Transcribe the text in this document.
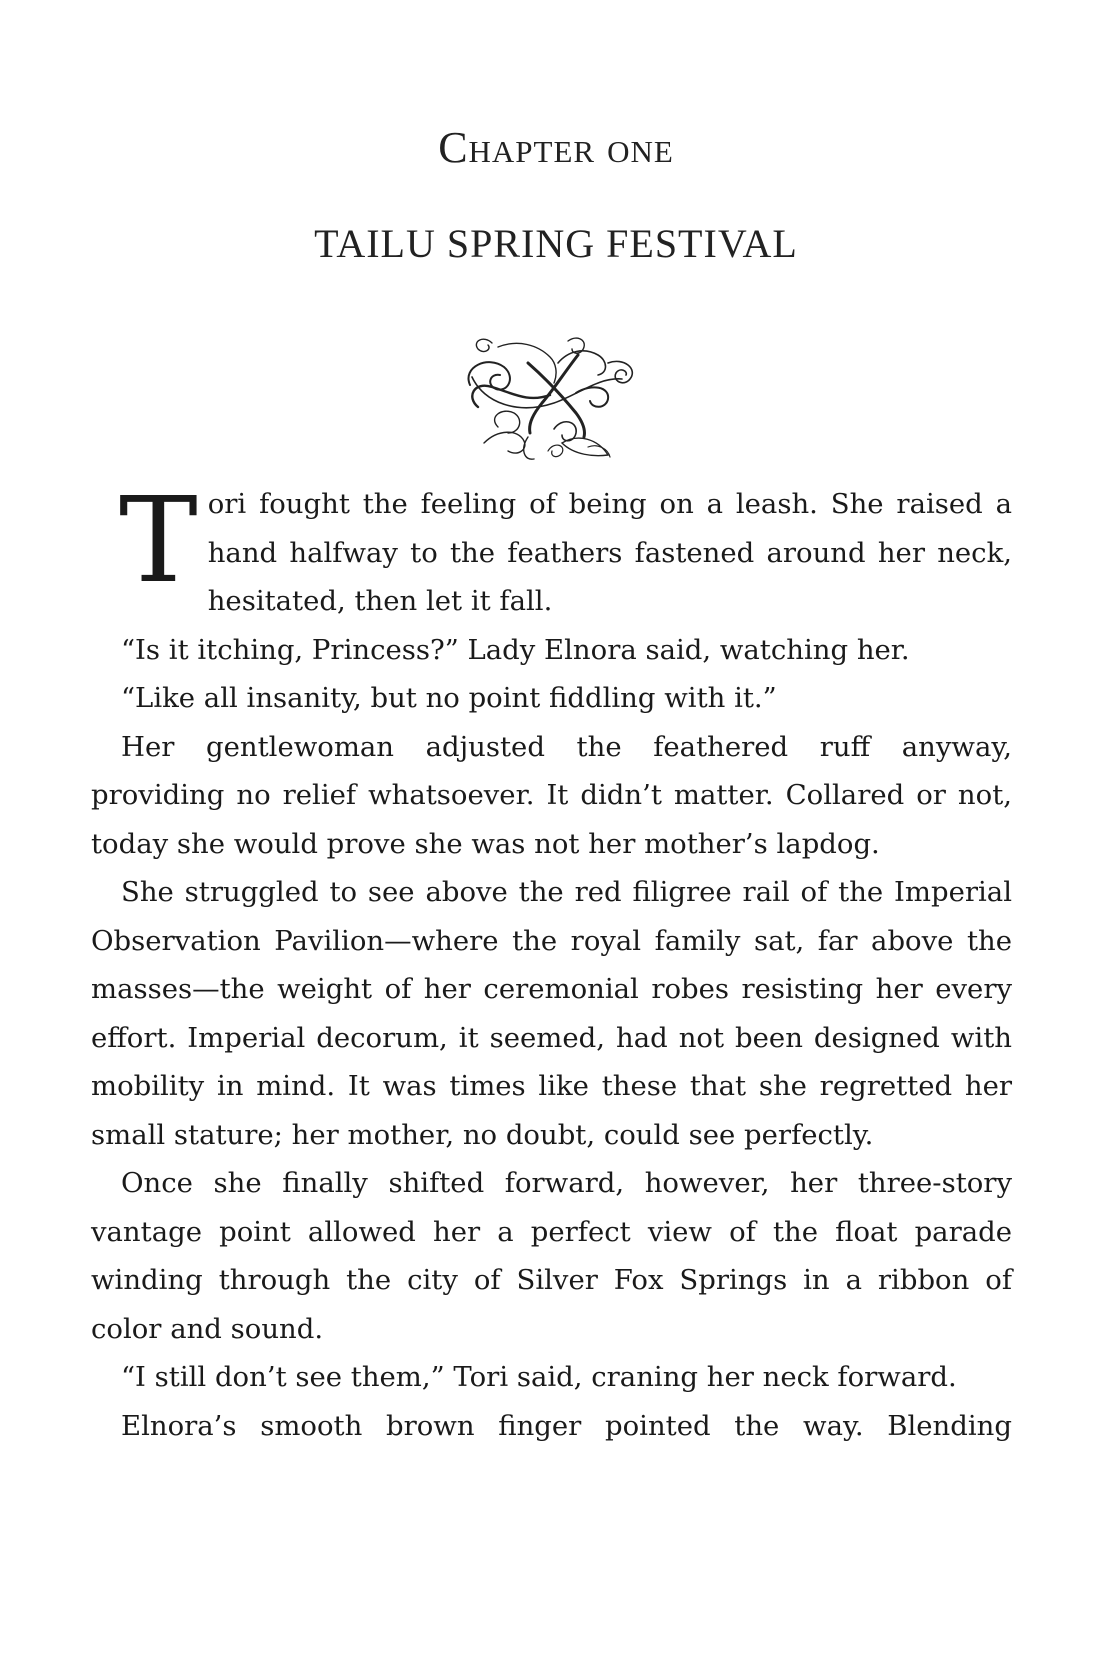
Chapter one
TAILU SPRING FESTIVAL

Tori fought the feeling of being on a leash. She raised a hand halfway to the feathers fastened around her neck, hesitated, then let it fall.

“Is it itching, Princess?” Lady Elnora said, watching her.

“Like all insanity, but no point fiddling with it.”

Her gentlewoman adjusted the feathered ruff anyway, providing no relief whatsoever. It didn’t matter. Collared or not, today she would prove she was not her mother’s lapdog.

She struggled to see above the red filigree rail of the Imperial Observation Pavilion—where the royal family sat, far above the masses—the weight of her ceremonial robes resisting her every effort. Imperial decorum, it seemed, had not been designed with mobility in mind. It was times like these that she regretted her small stature; her mother, no doubt, could see perfectly.

Once she finally shifted forward, however, her three-story vantage point allowed her a perfect view of the float parade winding through the city of Silver Fox Springs in a ribbon of color and sound.

“I still don’t see them,” Tori said, craning her neck forward.

Elnora’s smooth brown finger pointed the way. Blending
